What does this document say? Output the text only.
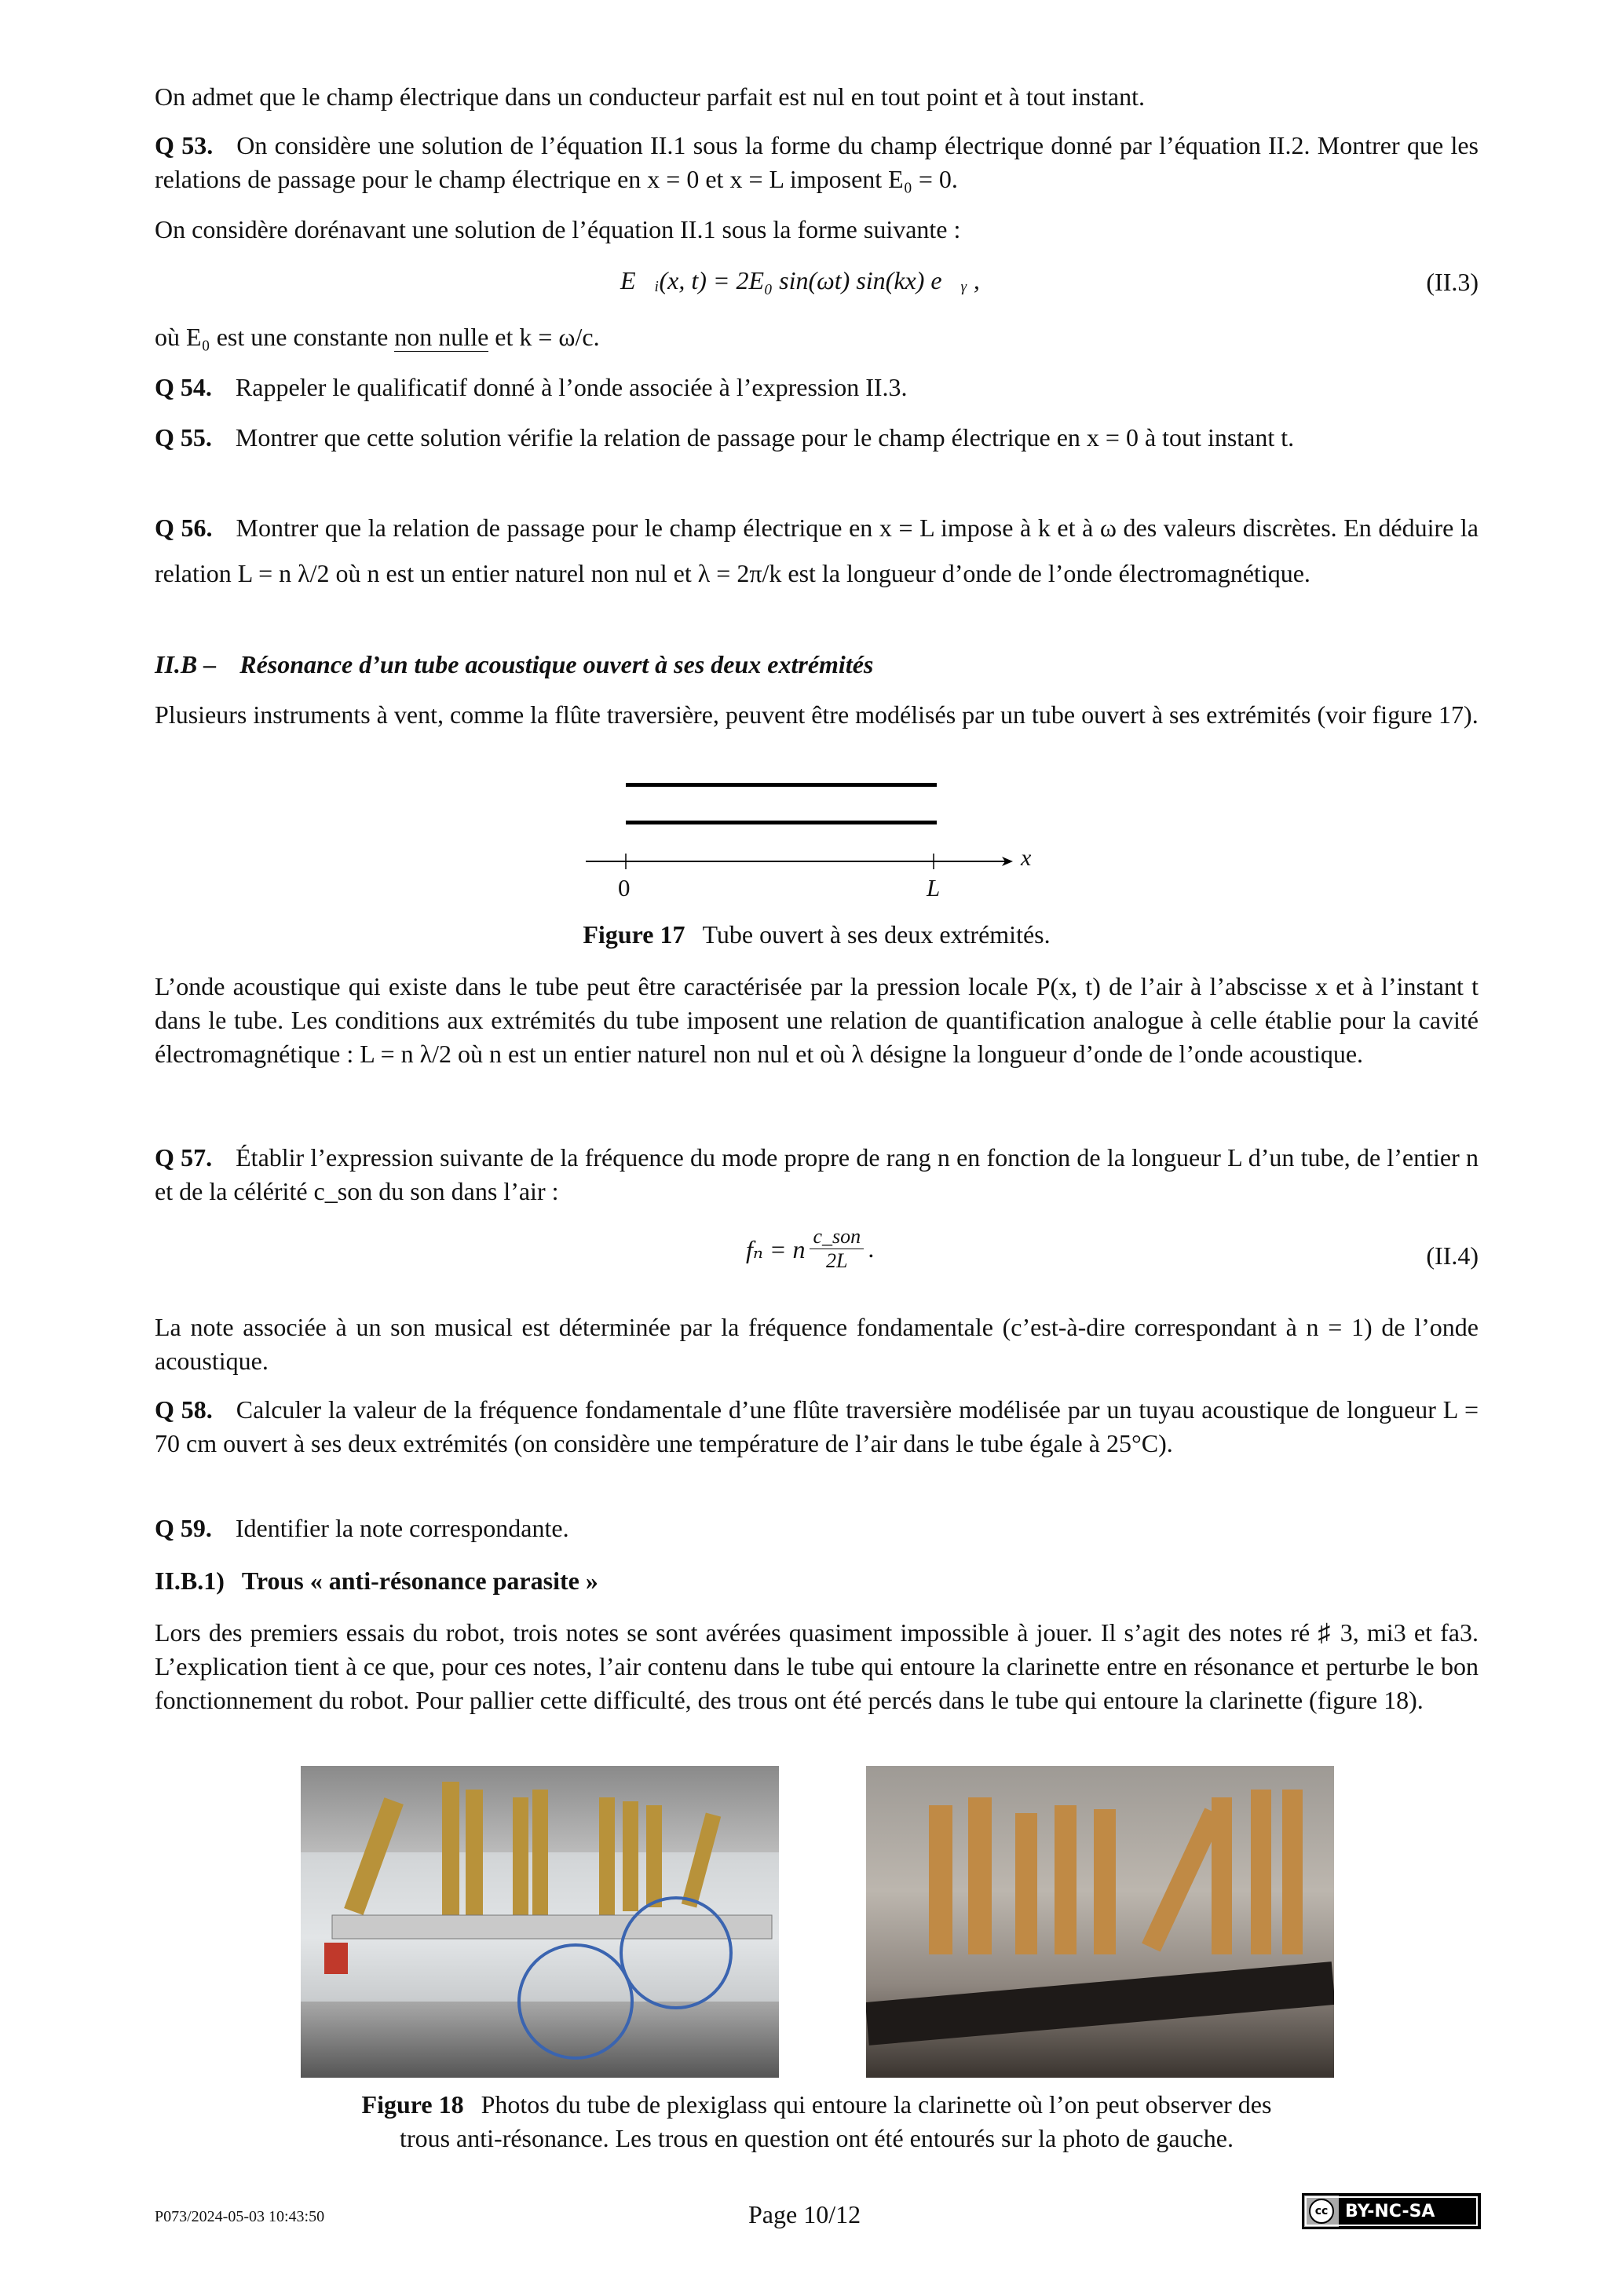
On admet que le champ électrique dans un conducteur parfait est nul en tout point et à tout instant.
Q 53. On considère une solution de l’équation II.1 sous la forme du champ électrique donné par l’équation II.2. Montrer que les relations de passage pour le champ électrique en x = 0 et x = L imposent E₀ = 0.
On considère dorénavant une solution de l’équation II.1 sous la forme suivante :
E⃗ᵢ(x, t) = 2E₀ sin(ωt) sin(kx) e⃗ᵧ ,	(II.3)
où E₀ est une constante non nulle et k = ω/c.
Q 54. Rappeler le qualificatif donné à l’onde associée à l’expression II.3.
Q 55. Montrer que cette solution vérifie la relation de passage pour le champ électrique en x = 0 à tout instant t.
Q 56. Montrer que la relation de passage pour le champ électrique en x = L impose à k et à ω des valeurs discrètes. En déduire la relation L = n λ/2 où n est un entier naturel non nul et λ = 2π/k est la longueur d’onde de l’onde électromagnétique.
II.B – Résonance d’un tube acoustique ouvert à ses deux extrémités
Plusieurs instruments à vent, comme la flûte traversière, peuvent être modélisés par un tube ouvert à ses extrémités (voir figure 17).
x
0	L
Figure 17 Tube ouvert à ses deux extrémités.
L’onde acoustique qui existe dans le tube peut être caractérisée par la pression locale P(x, t) de l’air à l’abscisse x et à l’instant t dans le tube. Les conditions aux extrémités du tube imposent une relation de quantification analogue à celle établie pour la cavité électromagnétique : L = n λ/2 où n est un entier naturel non nul et où λ désigne la longueur d’onde de l’onde acoustique.
Q 57. Établir l’expression suivante de la fréquence du mode propre de rang n en fonction de la longueur L d’un tube, de l’entier n et de la célérité c_son du son dans l’air :
fₙ = n c_son
2L .	(II.4)
La note associée à un son musical est déterminée par la fréquence fondamentale (c’est-à-dire correspondant à n = 1) de l’onde acoustique.
Q 58. Calculer la valeur de la fréquence fondamentale d’une flûte traversière modélisée par un tuyau acoustique de longueur L = 70 cm ouvert à ses deux extrémités (on considère une température de l’air dans le tube égale à 25°C).
Q 59. Identifier la note correspondante.
II.B.1) Trous « anti-résonance parasite »
Lors des premiers essais du robot, trois notes se sont avérées quasiment impossible à jouer. Il s’agit des notes ré ♯ 3, mi3 et fa3. L’explication tient à ce que, pour ces notes, l’air contenu dans le tube qui entoure la clarinette entre en résonance et perturbe le bon fonctionnement du robot. Pour pallier cette difficulté, des trous ont été percés dans le tube qui entoure la clarinette (figure 18).
Figure 18 Photos du tube de plexiglass qui entoure la clarinette où l’on peut observer des
trous anti-résonance. Les trous en question ont été entourés sur la photo de gauche.
P073/2024-05-03 10:43:50	Page 10/12	cc BY-NC-SA
